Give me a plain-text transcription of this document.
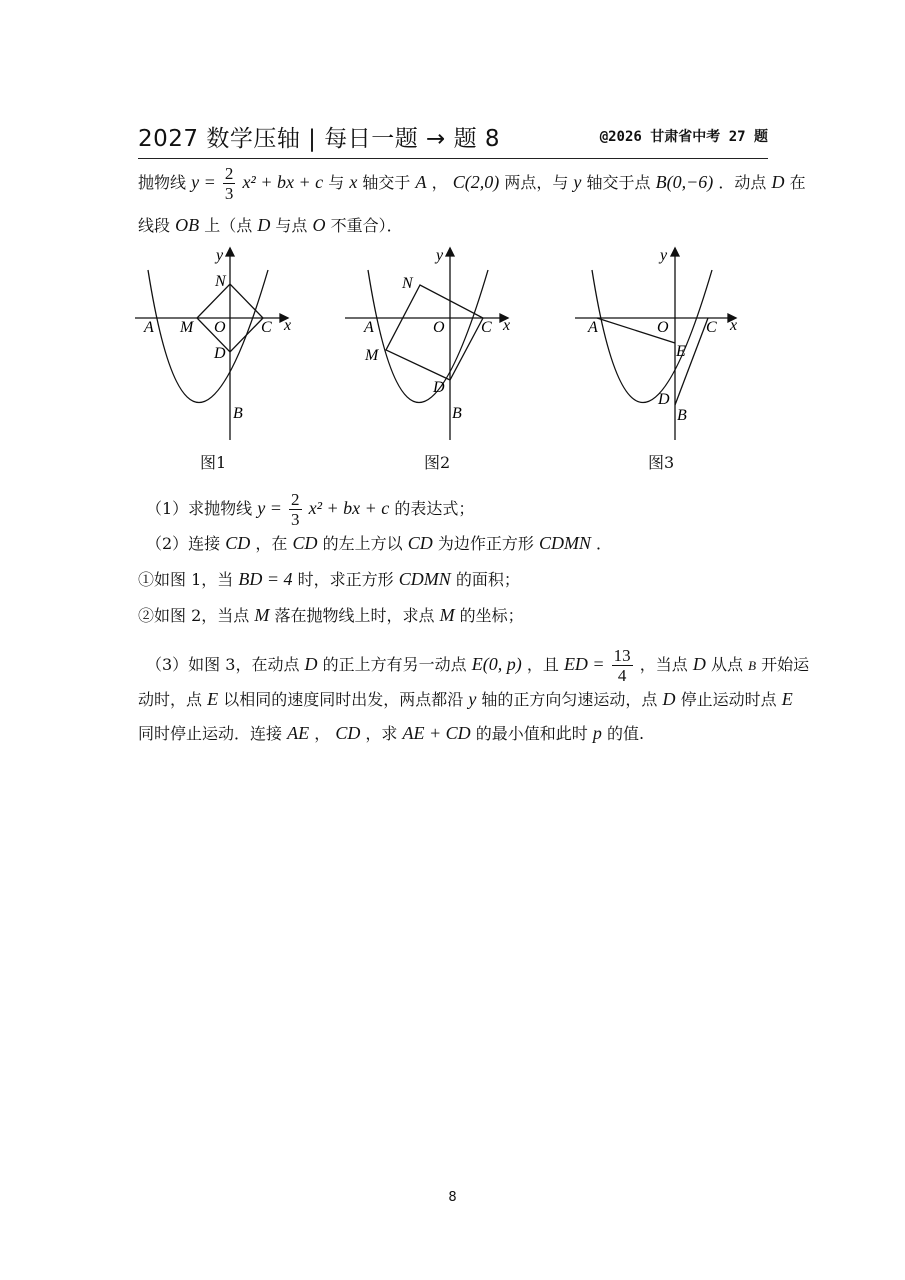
2027 数学压轴 | 每日一题 → 题 8	@2026 甘肃省中考 27 题
抛物线 $y = \frac{2}{3} x^2$ + bx + c 与 x 轴交于 A ， C(2,0) 两点，与 y 轴交于点 B(0,−6) ．动点 D 在
线段 OB 上（点 D 与点 O 不重合）．
y
x
N
A M O C
D
B
图1
y
x
N
A	O C
M
D
B
图2
y
x
A	O C
E
D
B
图3
（1）求抛物线 $y = \frac{2}{3} x^2$ + bx + c 的表达式；
（2）连接 CD ，在 CD 的左上方以 CD 为边作正方形 CDMN ．
①如图 1，当 BD = 4 时，求正方形 CDMN 的面积；
②如图 2，当点 M 落在抛物线上时，求点 M 的坐标；
（3）如图 3，在动点 D 的正上方有另一动点 E(0, p) ，且 ED = $\frac{13}{4}$ ，当点 D 从点 B 开始运
动时，点 E 以相同的速度同时出发，两点都沿 y 轴的正方向匀速运动，点 D 停止运动时点 E
同时停止运动．连接 AE ， CD ，求 AE + CD 的最小值和此时 p 的值.
8
